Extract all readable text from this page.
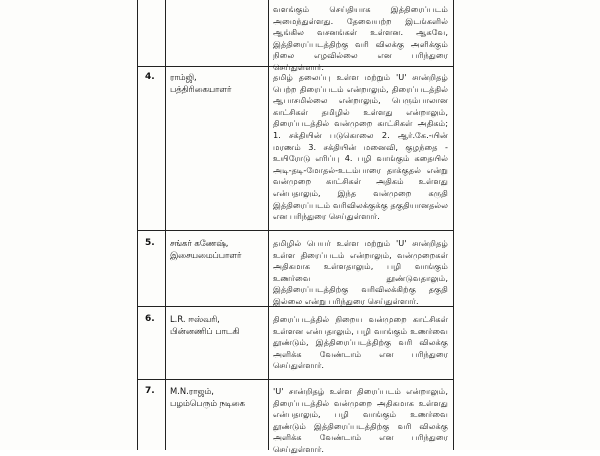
வளங்கும் செய்தியாக இத்திரைப்படம் அமைந்துள்ளது. தேவையற்ற இடங்களில் ஆங்கில வசனங்கள் உள்ளன. ஆகவே, இத்திரைப்படத்திற்கு வரி விலக்கு அளிக்கும் நிலை எழவில்லை என பரிந்துரை செய்துள்ளார்.
4. ராம்ஜி,
பத்திரிகையாளர்
தமிழ் தலைப்பு உள்ள மற்றும் 'U' சான்றிதழ் பெற்ற திரைப்படம் என்றாலும், திரைப்படத்தில் ஆபாசமில்லை என்றாலும், பெரும்பாலான காட்சிகள் தமிழில் உள்ளது என்றாலும், திரைப்படத்தில் வன்முறை காட்சிகள் அதிகம்; 1. சக்தியின் படுகொலை 2. ஆர்.கே.-யின் மரணம் 3. சக்தியின் மனைவி, குழந்தை - உயிரோடு எரிப்பு 4. பழி வாங்கும் கதையில் அடி-தடி-மோதல்-உடம்பாரை தாக்குதல் என்று வன்முறை காட்சிகள் அதிகம் உள்ளது என்பதாலும், இந்த வன்முறை கருதி இத்திரைப்படம் வரிவிலக்குக்கு தகுதியானதல்ல என பரிந்துரை செய்துள்ளார்.
5. சங்கர் கணேஷ்,
இசையமைப்பாளர்
தமிழில் பெயர் உள்ள மற்றும் 'U' சான்றிதழ் உள்ள திரைப்படம் என்றாலும், வன்முறைகள் அதிகமாக உள்ளதாலும், பழி வாங்கும் உணர்வை தூண்டுவதாலும், இத்திரைப்படத்திற்கு வரிவிலக்கிற்கு தகுதி இல்லை என்று பரிந்துரை செய்துள்ளார்.
6. L.R. ஈஸ்வரி,
பின்னணிப் பாடகி
திரைப்படத்தில் நிறைய வன்முறை காட்சிகள் உள்ளன என்பதாலும், பழி வாங்கும் உணர்வை தூண்டும், இத்திரைப்படத்திற்கு வரி விலக்கு அளிக்க வேண்டாம் என பரிந்துரை செய்துள்ளார்.
7. M.N.ராஜம்,
பழம்பெரும் நடிகை
'U' சான்றிதழ் உள்ள திரைப்படம் என்றாலும், திரைப்படத்தில் வன்முறை அதிகமாக உள்ளது என்பதாலும், பழி வாங்கும் உணர்வை தூண்டும் இத்திரைப்படத்திற்கு வரி விலக்கு அளிக்க வேண்டாம் என பரிந்துரை செய்துள்ளார்.
